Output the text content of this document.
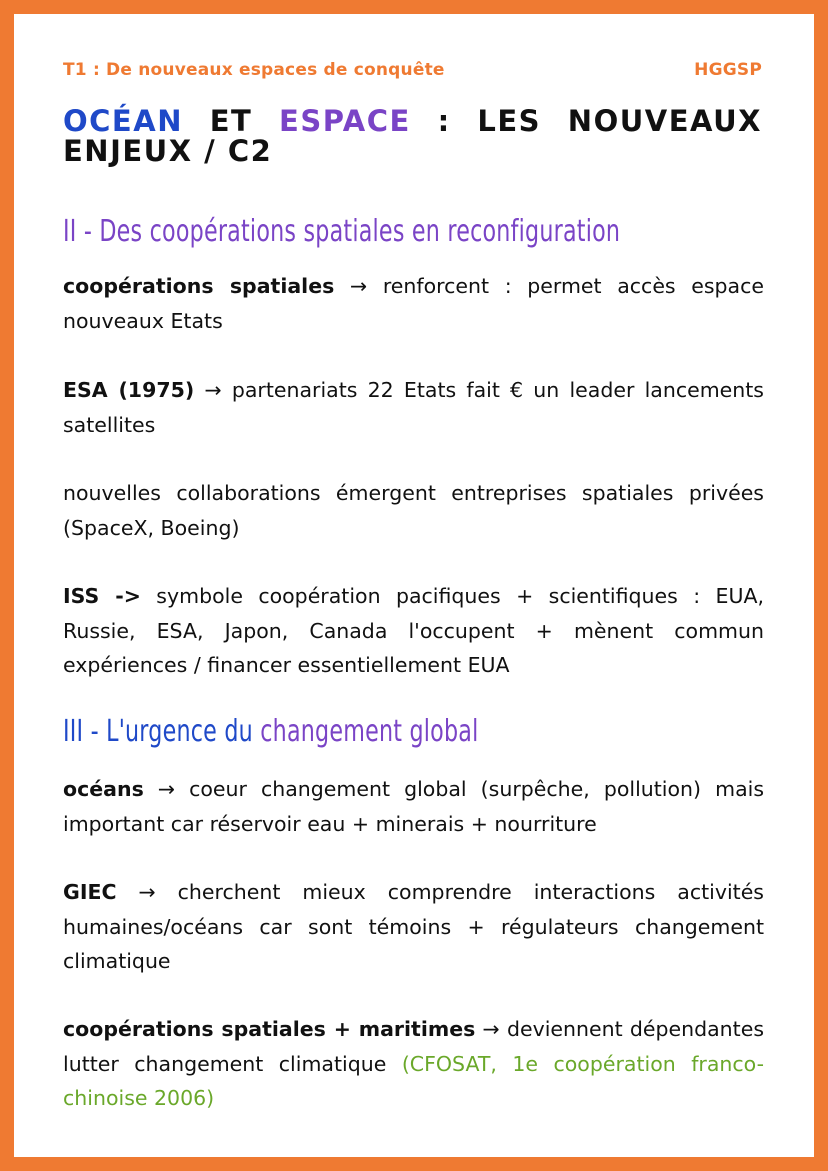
T1 : De nouveaux espaces de conquête	HGGSP
OCÉAN ET ESPACE : LES NOUVEAUX ENJEUX / C2
II - Des coopérations spatiales en reconfiguration
coopérations spatiales → renforcent : permet accès espace nouveaux Etats
ESA (1975) → partenariats 22 Etats fait € un leader lancements satellites
nouvelles collaborations émergent entreprises spatiales privées (SpaceX, Boeing)
ISS -> symbole coopération pacifiques + scientifiques : EUA, Russie, ESA, Japon, Canada l'occupent + mènent commun expériences / financer essentiellement EUA
III - L'urgence du changement global
océans → coeur changement global (surpêche, pollution) mais important car réservoir eau + minerais + nourriture
GIEC → cherchent mieux comprendre interactions activités humaines/océans car sont témoins + régulateurs changement climatique
coopérations spatiales + maritimes → deviennent dépendantes lutter changement climatique (CFOSAT, 1e coopération franco-chinoise 2006)
